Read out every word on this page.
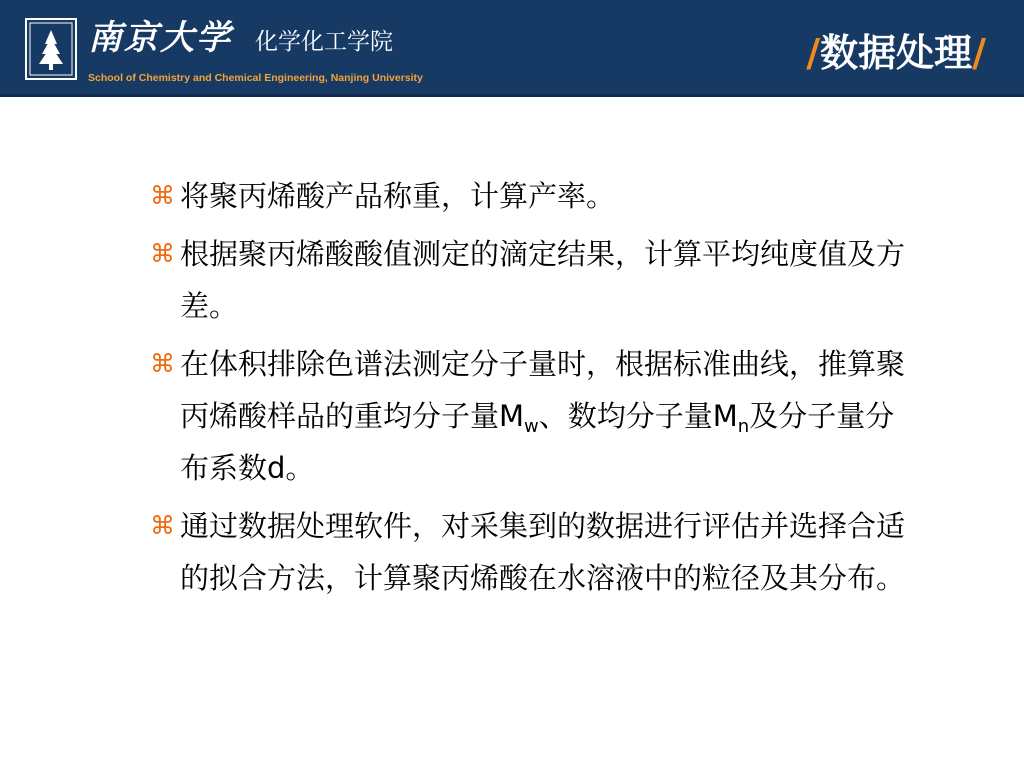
南京大学 化学化工学院
School of Chemistry and Chemical Engineering, Nanjing University
/数据处理/
⌘ 将聚丙烯酸产品称重，计算产率。
⌘ 根据聚丙烯酸酸值测定的滴定结果，计算平均纯度值及方差。
⌘ 在体积排除色谱法测定分子量时，根据标准曲线，推算聚丙烯酸样品的重均分子量$M_w$、数均分子量$M_n$及分子量分布系数d。
⌘ 通过数据处理软件，对采集到的数据进行评估并选择合适的拟合方法，计算聚丙烯酸在水溶液中的粒径及其分布。
